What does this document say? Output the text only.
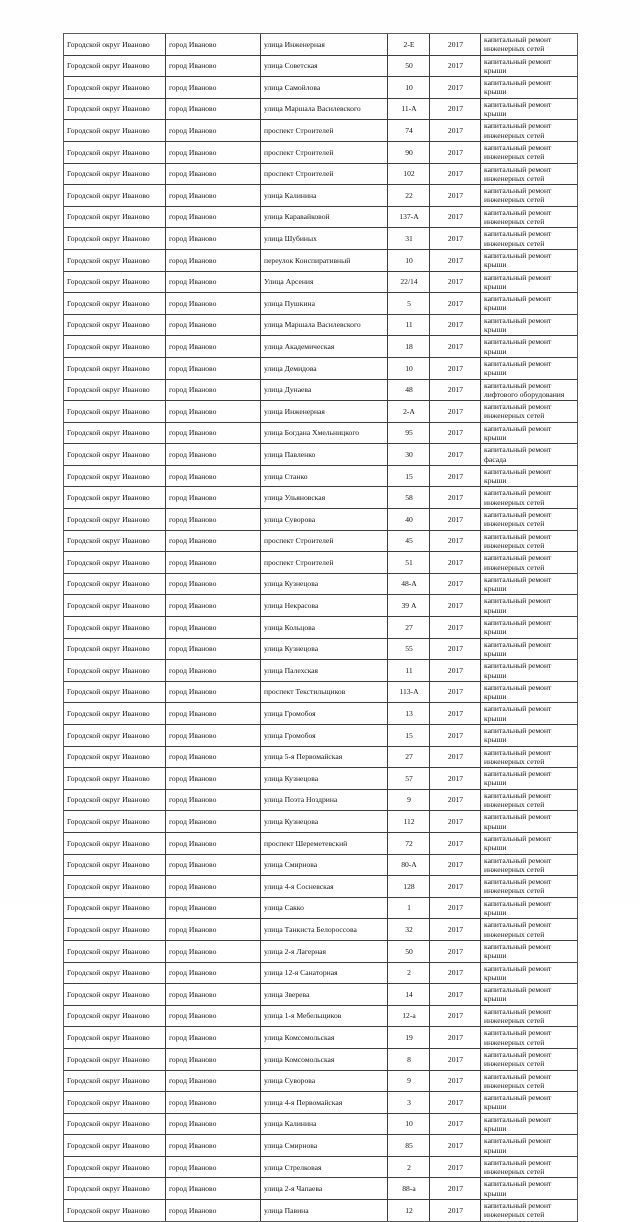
Городской округ Иваново	город Иваново	улица Инженерная	2-Е	2017	капитальный ремонт
инженерных сетей
Городской округ Иваново	город Иваново	улица Советская	50	2017	капитальный ремонт крыши
Городской округ Иваново	город Иваново	улица Самойлова	10	2017	капитальный ремонт крыши
Городской округ Иваново	город Иваново	улица Маршала Василевского	11-А	2017	капитальный ремонт крыши
Городской округ Иваново	город Иваново	проспект Строителей	74	2017	капитальный ремонт
инженерных сетей
Городской округ Иваново	город Иваново	проспект Строителей	90	2017	капитальный ремонт
инженерных сетей
Городской округ Иваново	город Иваново	проспект Строителей	102	2017	капитальный ремонт
инженерных сетей
Городской округ Иваново	город Иваново	улица Калинина	22	2017	капитальный ремонт
инженерных сетей
Городской округ Иваново	город Иваново	улица Каравайковой	137-А	2017	капитальный ремонт
инженерных сетей
Городской округ Иваново	город Иваново	улица Шубиных	31	2017	капитальный ремонт
инженерных сетей
Городской округ Иваново	город Иваново	переулок Конспиративный	10	2017	капитальный ремонт крыши
Городской округ Иваново	город Иваново	Улица Арсения	22/14	2017	капитальный ремонт крыши
Городской округ Иваново	город Иваново	улица Пушкина	5	2017	капитальный ремонт крыши
Городской округ Иваново	город Иваново	улица Маршала Василевского	11	2017	капитальный ремонт крыши
Городской округ Иваново	город Иваново	улица Академическая	18	2017	капитальный ремонт крыши
Городской округ Иваново	город Иваново	улица Демидова	10	2017	капитальный ремонт крыши
Городской округ Иваново	город Иваново	улица Дунаева	48	2017	капитальный ремонт
лифтового оборудования
Городской округ Иваново	город Иваново	улица Инженерная	2-А	2017	капитальный ремонт
инженерных сетей
Городской округ Иваново	город Иваново	улица Богдана Хмельницкого	95	2017	капитальный ремонт крыши
Городской округ Иваново	город Иваново	улица Павленко	30	2017	капитальный ремонт фасада
Городской округ Иваново	город Иваново	улица Станко	15	2017	капитальный ремонт крыши
Городской округ Иваново	город Иваново	улица Ульяновская	58	2017	капитальный ремонт
инженерных сетей
Городской округ Иваново	город Иваново	улица Суворова	40	2017	капитальный ремонт
инженерных сетей
Городской округ Иваново	город Иваново	проспект Строителей	45	2017	капитальный ремонт
инженерных сетей
Городской округ Иваново	город Иваново	проспект Строителей	51	2017	капитальный ремонт
инженерных сетей
Городской округ Иваново	город Иваново	улица Кузнецова	48-А	2017	капитальный ремонт крыши
Городской округ Иваново	город Иваново	улица Некрасова	39 А	2017	капитальный ремонт крыши
Городской округ Иваново	город Иваново	улица Кольцова	27	2017	капитальный ремонт крыши
Городской округ Иваново	город Иваново	улица Кузнецова	55	2017	капитальный ремонт крыши
Городской округ Иваново	город Иваново	улица Палехская	11	2017	капитальный ремонт крыши
Городской округ Иваново	город Иваново	проспект Текстильщиков	113-А	2017	капитальный ремонт крыши
Городской округ Иваново	город Иваново	улица Громобоя	13	2017	капитальный ремонт крыши
Городской округ Иваново	город Иваново	улица Громобоя	15	2017	капитальный ремонт крыши
Городской округ Иваново	город Иваново	улица 5-я Первомайская	27	2017	капитальный ремонт
инженерных сетей
Городской округ Иваново	город Иваново	улица Кузнецова	57	2017	капитальный ремонт крыши
Городской округ Иваново	город Иваново	улица Поэта Ноздрина	9	2017	капитальный ремонт
инженерных сетей
Городской округ Иваново	город Иваново	улица Кузнецова	112	2017	капитальный ремонт крыши
Городской округ Иваново	город Иваново	проспект Шереметевский	72	2017	капитальный ремонт крыши
Городской округ Иваново	город Иваново	улица Смирнова	80-А	2017	капитальный ремонт
инженерных сетей
Городской округ Иваново	город Иваново	улица 4-я Сосневская	128	2017	капитальный ремонт
инженерных сетей
Городской округ Иваново	город Иваново	улица Сакко	1	2017	капитальный ремонт крыши
Городской округ Иваново	город Иваново	улица Танкиста Белороссова	32	2017	капитальный ремонт
инженерных сетей
Городской округ Иваново	город Иваново	улица 2-я Лагерная	50	2017	капитальный ремонт крыши
Городской округ Иваново	город Иваново	улица 12-я Санаторная	2	2017	капитальный ремонт крыши
Городской округ Иваново	город Иваново	улица Зверева	14	2017	капитальный ремонт крыши
Городской округ Иваново	город Иваново	улица 1-я Мебельщиков	12-а	2017	капитальный ремонт
инженерных сетей
Городской округ Иваново	город Иваново	улица Комсомольская	19	2017	капитальный ремонт
инженерных сетей
Городской округ Иваново	город Иваново	улица Комсомольская	8	2017	капитальный ремонт
инженерных сетей
Городской округ Иваново	город Иваново	улица Суворова	9	2017	капитальный ремонт
инженерных сетей
Городской округ Иваново	город Иваново	улица 4-я Первомайская	3	2017	капитальный ремонт крыши
Городской округ Иваново	город Иваново	улица Калинина	10	2017	капитальный ремонт крыши
Городской округ Иваново	город Иваново	улица Смирнова	85	2017	капитальный ремонт крыши
Городской округ Иваново	город Иваново	улица Стрелковая	2	2017	капитальный ремонт
инженерных сетей
Городской округ Иваново	город Иваново	улица 2-я Чапаева	88-а	2017	капитальный ремонт крыши
Городской округ Иваново	город Иваново	улица Павина	12	2017	капитальный ремонт
инженерных сетей
